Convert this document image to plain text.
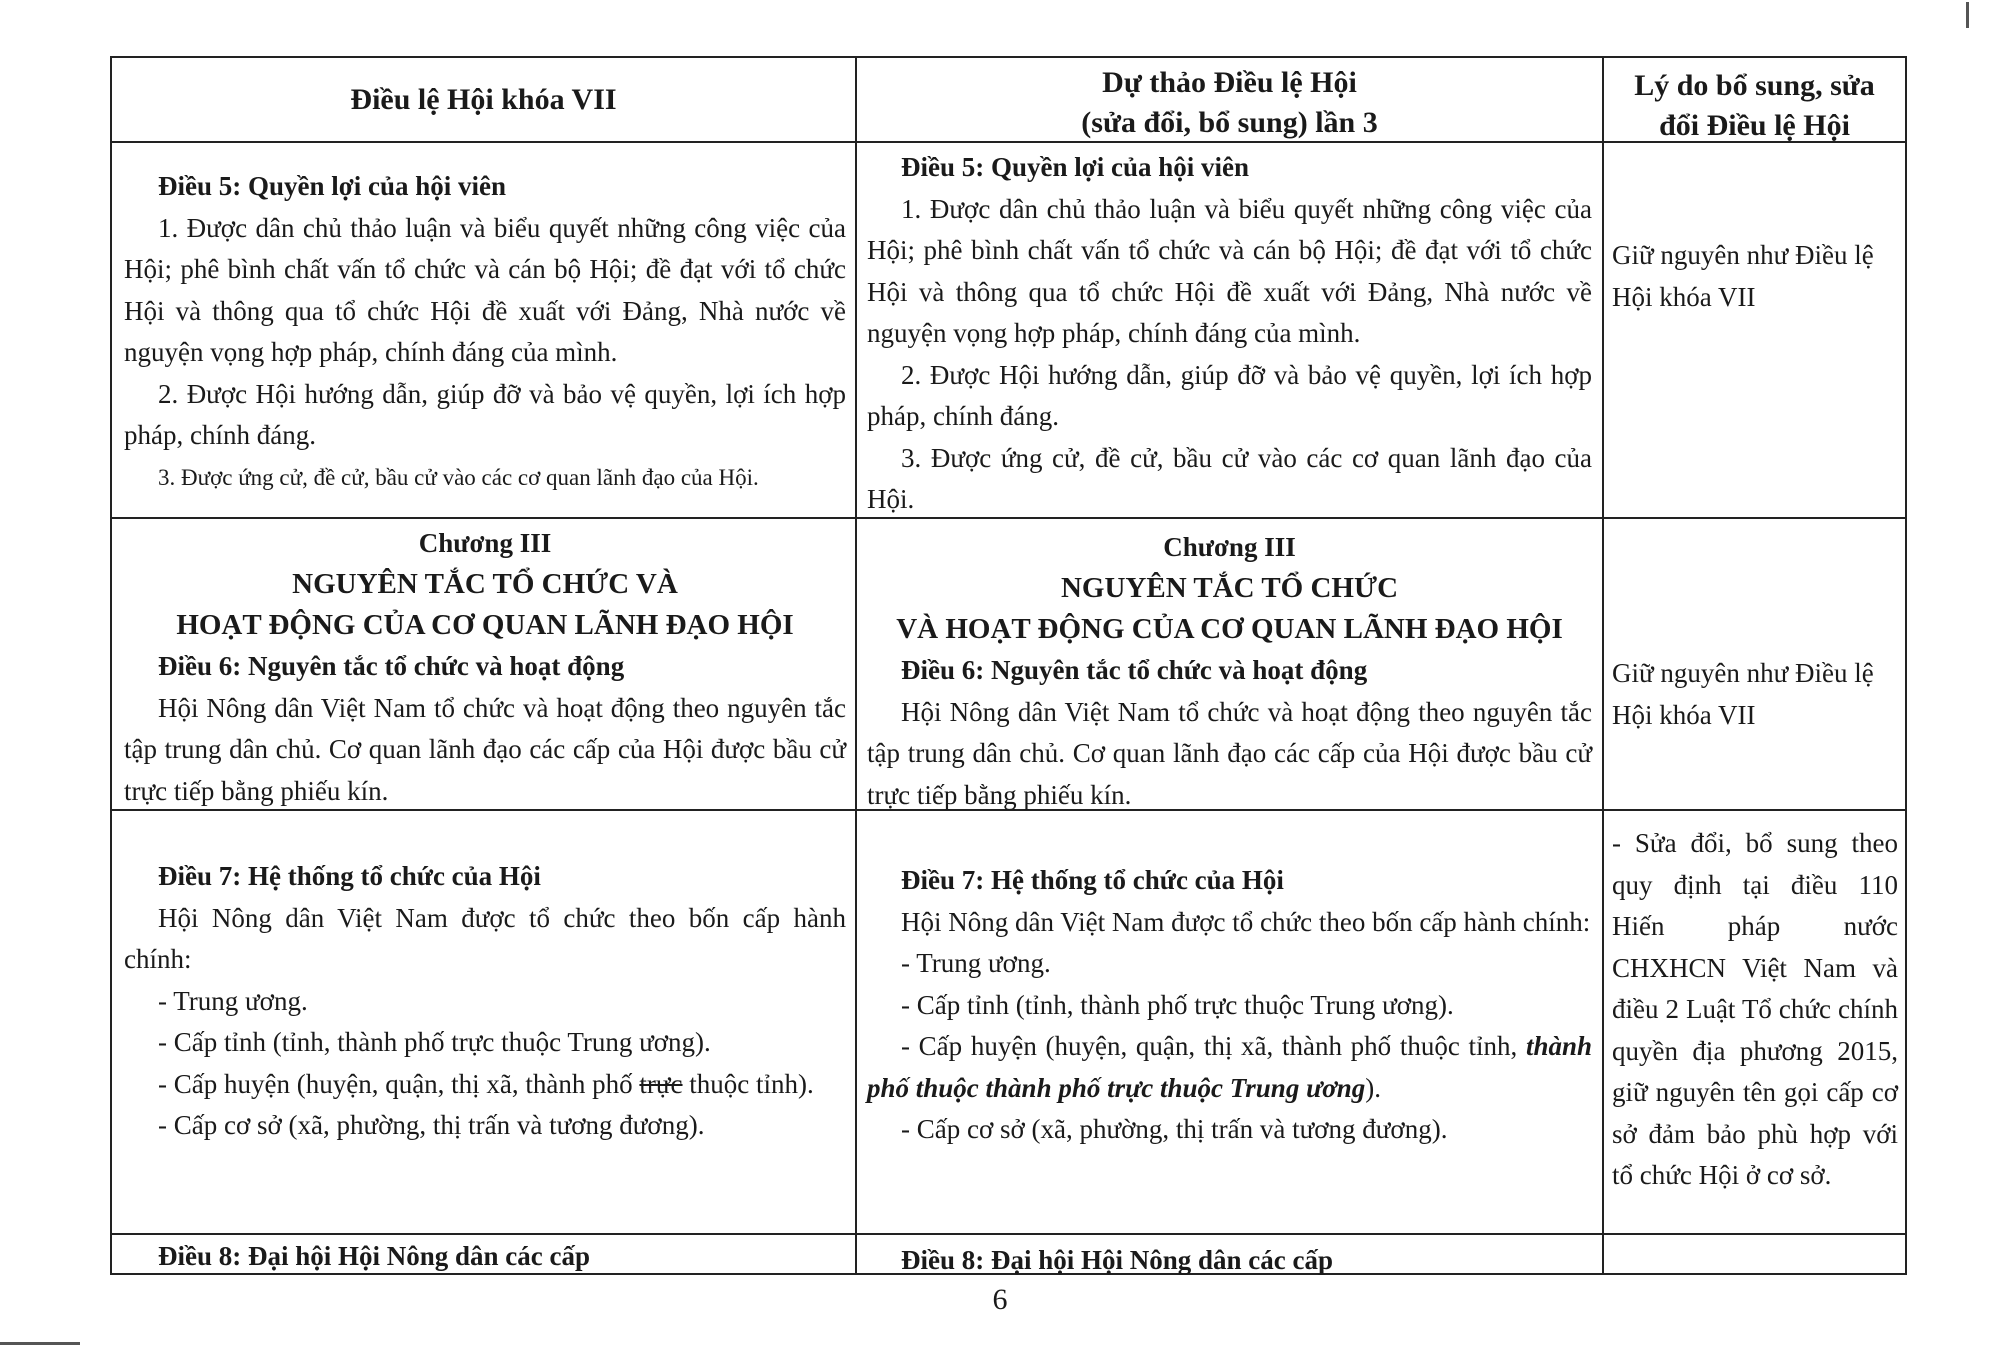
Điều lệ Hội khóa VII

Dự thảo Điều lệ Hội

(sửa đổi, bổ sung) lần 3

Lý do bổ sung, sửa

đổi Điều lệ Hội

Điều 5: Quyền lợi của hội viên

1. Được dân chủ thảo luận và biểu quyết những công việc của Hội; phê bình chất vấn tổ chức và cán bộ Hội; đề đạt với tổ chức Hội và thông qua tổ chức Hội đề xuất với Đảng, Nhà nước về nguyện vọng hợp pháp, chính đáng của mình.

2. Được Hội hướng dẫn, giúp đỡ và bảo vệ quyền, lợi ích hợp pháp, chính đáng.

3. Được ứng cử, đề cử, bầu cử vào các cơ quan lãnh đạo của Hội.

Điều 5: Quyền lợi của hội viên

1. Được dân chủ thảo luận và biểu quyết những công việc của Hội; phê bình chất vấn tổ chức và cán bộ Hội; đề đạt với tổ chức Hội và thông qua tổ chức Hội đề xuất với Đảng, Nhà nước về nguyện vọng hợp pháp, chính đáng của mình.

2. Được Hội hướng dẫn, giúp đỡ và bảo vệ quyền, lợi ích hợp pháp, chính đáng.

3. Được ứng cử, đề cử, bầu cử vào các cơ quan lãnh đạo của Hội.

Giữ nguyên như Điều lệ Hội khóa VII

Chương III

NGUYÊN TẮC TỔ CHỨC VÀ

HOẠT ĐỘNG CỦA CƠ QUAN LÃNH ĐẠO HỘI

Điều 6: Nguyên tắc tổ chức và hoạt động

Hội Nông dân Việt Nam tổ chức và hoạt động theo nguyên tắc tập trung dân chủ. Cơ quan lãnh đạo các cấp của Hội được bầu cử trực tiếp bằng phiếu kín.

Chương III

NGUYÊN TẮC TỔ CHỨC

VÀ HOẠT ĐỘNG CỦA CƠ QUAN LÃNH ĐẠO HỘI

Điều 6: Nguyên tắc tổ chức và hoạt động

Hội Nông dân Việt Nam tổ chức và hoạt động theo nguyên tắc tập trung dân chủ. Cơ quan lãnh đạo các cấp của Hội được bầu cử trực tiếp bằng phiếu kín.

Giữ nguyên như Điều lệ Hội khóa VII

Điều 7: Hệ thống tổ chức của Hội

Hội Nông dân Việt Nam được tổ chức theo bốn cấp hành chính:

- Trung ương.

- Cấp tỉnh (tỉnh, thành phố trực thuộc Trung ương).

- Cấp huyện (huyện, quận, thị xã, thành phố trực thuộc tỉnh).

- Cấp cơ sở (xã, phường, thị trấn và tương đương).

Điều 7: Hệ thống tổ chức của Hội

Hội Nông dân Việt Nam được tổ chức theo bốn cấp hành chính:

- Trung ương.

- Cấp tỉnh (tỉnh, thành phố trực thuộc Trung ương).

- Cấp huyện (huyện, quận, thị xã, thành phố thuộc tỉnh, thành phố thuộc thành phố trực thuộc Trung ương).

- Cấp cơ sở (xã, phường, thị trấn và tương đương).

- Sửa đổi, bổ sung theo quy định tại điều 110 Hiến pháp nước CHXHCN Việt Nam và điều 2 Luật Tổ chức chính quyền địa phương 2015, giữ nguyên tên gọi cấp cơ sở đảm bảo phù hợp với tổ chức Hội ở cơ sở.

Điều 8: Đại hội Hội Nông dân các cấp	Điều 8: Đại hội Hội Nông dân các cấp

6
